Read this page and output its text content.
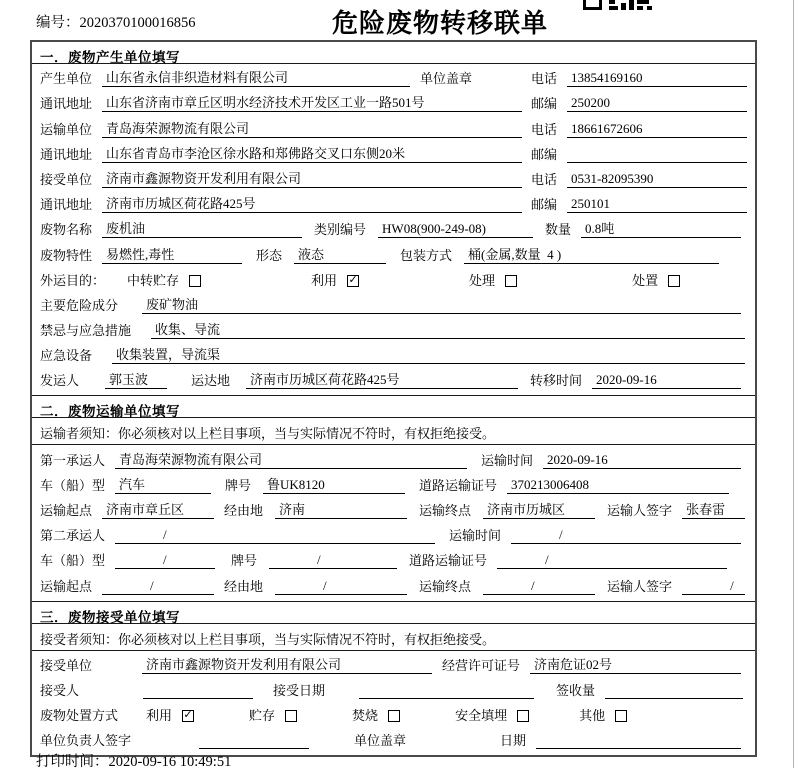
编号：2020370100016856	危险废物转移联单
一．废物产生单位填写
产生单位	山东省永信非织造材料有限公司	单位盖章	电话	13854169160
通讯地址	山东省济南市章丘区明水经济技术开发区工业一路501号	邮编	250200
运输单位	青岛海荣源物流有限公司	电话	18661672606
通讯地址	山东省青岛市李沧区徐水路和郑佛路交叉口东侧20米	邮编
接受单位	济南市鑫源物资开发利用有限公司	电话	0531-82095390
通讯地址	济南市历城区荷花路425号	邮编	250101
废物名称	废机油	类别编号	HW08(900-249-08)	数量	0.8吨
废物特性	易燃性,毒性	形态	液态	包装方式	桶(金属,数量  4 )
外运目的： 中转贮存	利用 ✓	处理	处置
主要危险成分	废矿物油
禁忌与应急措施	收集、导流
应急设备	收集装置，导流渠
发运人	郭玉波	运达地	济南市历城区荷花路425号	转移时间	2020-09-16
二．废物运输单位填写
运输者须知：你必须核对以上栏目事项，当与实际情况不符时，有权拒绝接受。
第一承运人	青岛海荣源物流有限公司	运输时间	2020-09-16
车（船）型	汽车	牌号	鲁UK8120	道路运输证号	370213006408
运输起点	济南市章丘区	经由地	济南	运输终点	济南市历城区	运输人签字	张春雷
第二承运人	/	运输时间	/
车（船）型	/	牌号	/	道路运输证号	/
运输起点	/	经由地	/	运输终点	/	运输人签字	/
三．废物接受单位填写
接受者须知：你必须核对以上栏目事项，当与实际情况不符时，有权拒绝接受。
接受单位	济南市鑫源物资开发利用有限公司	经营许可证号	济南危证02号
接受人	接受日期	签收量
废物处置方式 利用 ✓	贮存	焚烧	安全填埋	其他
单位负责人签字	单位盖章	日期
打印时间：2020-09-16 10:49:51
